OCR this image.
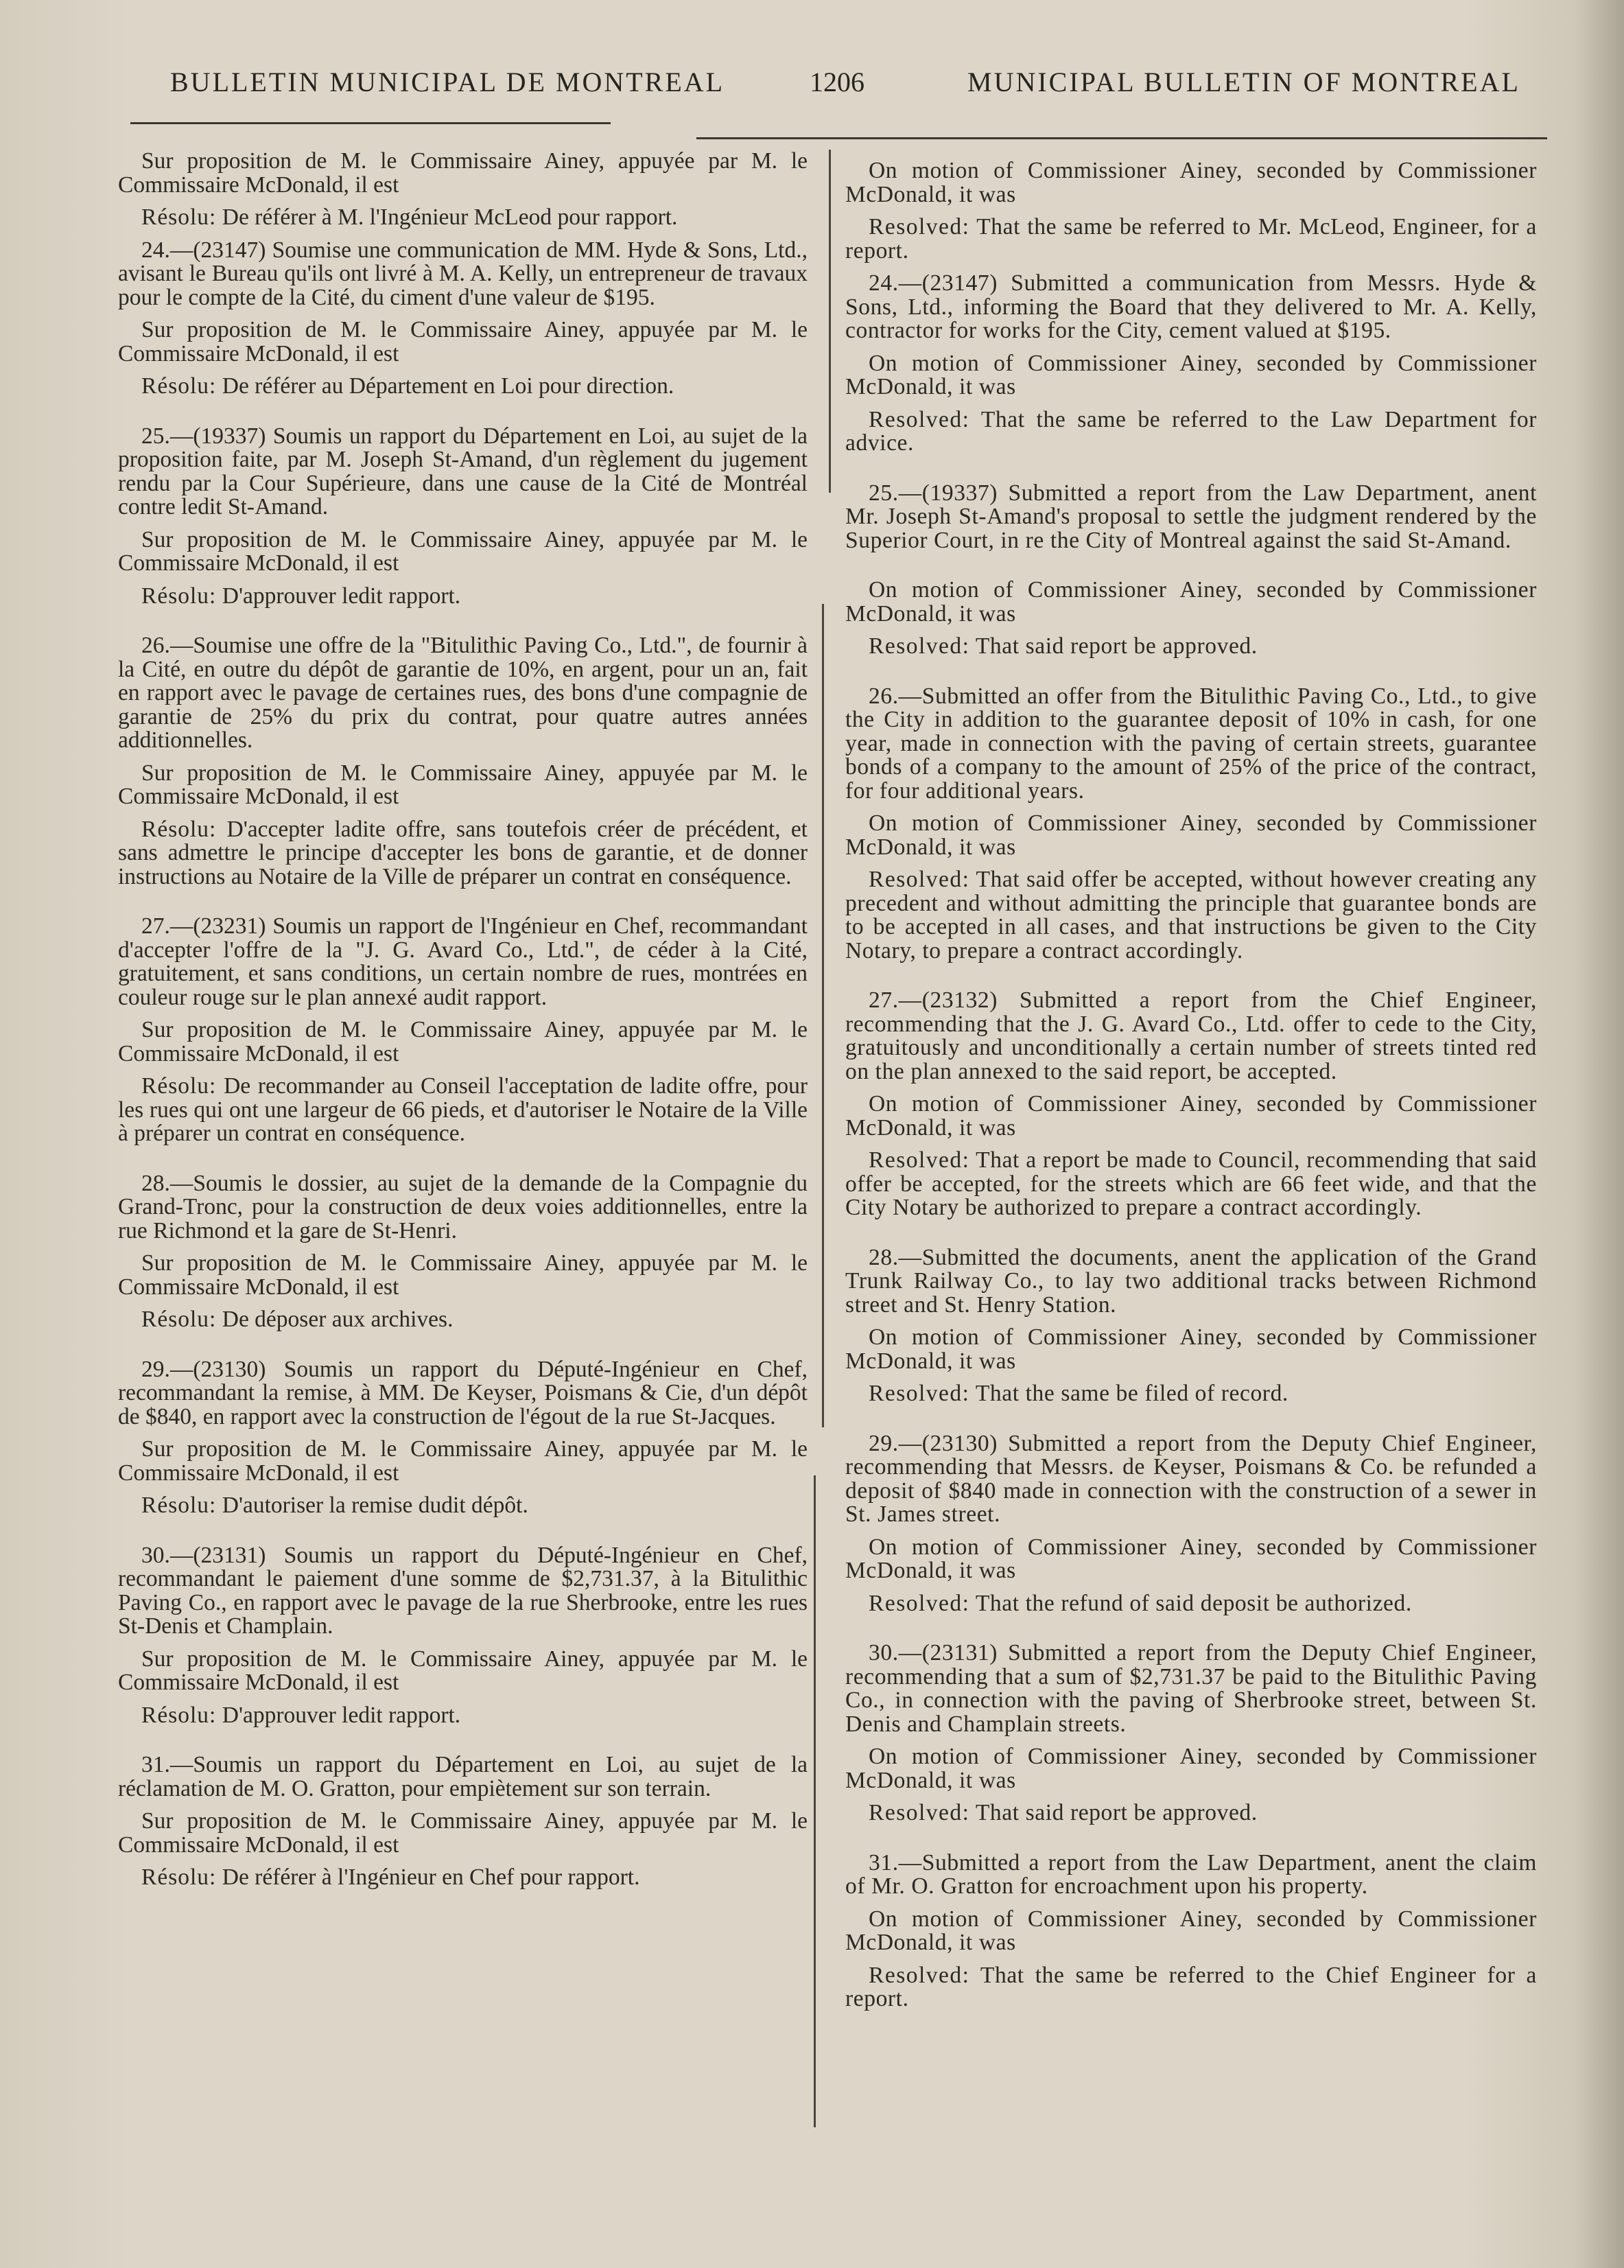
BULLETIN MUNICIPAL DE MONTREAL	1206	MUNICIPAL BULLETIN OF MONTREAL

Sur proposition de M. le Commissaire Ainey, appuyée par M. le Commissaire McDonald, il est

Résolu: De référer à M. l'Ingénieur McLeod pour rapport.

24.—(23147) Soumise une communication de MM. Hyde & Sons, Ltd., avisant le Bureau qu'ils ont livré à M. A. Kelly, un entrepreneur de travaux pour le compte de la Cité, du ciment d'une valeur de $195.

Sur proposition de M. le Commissaire Ainey, appuyée par M. le Commissaire McDonald, il est

Résolu: De référer au Département en Loi pour direction.

25.—(19337) Soumis un rapport du Département en Loi, au sujet de la proposition faite, par M. Joseph St-Amand, d'un règlement du jugement rendu par la Cour Supérieure, dans une cause de la Cité de Montréal contre ledit St-Amand.

Sur proposition de M. le Commissaire Ainey, appuyée par M. le Commissaire McDonald, il est

Résolu: D'approuver ledit rapport.

26.—Soumise une offre de la "Bitulithic Paving Co., Ltd.", de fournir à la Cité, en outre du dépôt de garantie de 10%, en argent, pour un an, fait en rapport avec le pavage de certaines rues, des bons d'une compagnie de garantie de 25% du prix du contrat, pour quatre autres années additionnelles.

Sur proposition de M. le Commissaire Ainey, appuyée par M. le Commissaire McDonald, il est

Résolu: D'accepter ladite offre, sans toutefois créer de précédent, et sans admettre le principe d'accepter les bons de garantie, et de donner instructions au Notaire de la Ville de préparer un contrat en conséquence.

27.—(23231) Soumis un rapport de l'Ingénieur en Chef, recommandant d'accepter l'offre de la "J. G. Avard Co., Ltd.", de céder à la Cité, gratuitement, et sans conditions, un certain nombre de rues, montrées en couleur rouge sur le plan annexé audit rapport.

Sur proposition de M. le Commissaire Ainey, appuyée par M. le Commissaire McDonald, il est

Résolu: De recommander au Conseil l'acceptation de ladite offre, pour les rues qui ont une largeur de 66 pieds, et d'autoriser le Notaire de la Ville à préparer un contrat en conséquence.

28.—Soumis le dossier, au sujet de la demande de la Compagnie du Grand-Tronc, pour la construction de deux voies additionnelles, entre la rue Richmond et la gare de St-Henri.

Sur proposition de M. le Commissaire Ainey, appuyée par M. le Commissaire McDonald, il est

Résolu: De déposer aux archives.

29.—(23130) Soumis un rapport du Député-Ingénieur en Chef, recommandant la remise, à MM. De Keyser, Poismans & Cie, d'un dépôt de $840, en rapport avec la construction de l'égout de la rue St-Jacques.

Sur proposition de M. le Commissaire Ainey, appuyée par M. le Commissaire McDonald, il est

Résolu: D'autoriser la remise dudit dépôt.

30.—(23131) Soumis un rapport du Député-Ingénieur en Chef, recommandant le paiement d'une somme de $2,731.37, à la Bitulithic Paving Co., en rapport avec le pavage de la rue Sherbrooke, entre les rues St-Denis et Champlain.

Sur proposition de M. le Commissaire Ainey, appuyée par M. le Commissaire McDonald, il est

Résolu: D'approuver ledit rapport.

31.—Soumis un rapport du Département en Loi, au sujet de la réclamation de M. O. Gratton, pour empiètement sur son terrain.

Sur proposition de M. le Commissaire Ainey, appuyée par M. le Commissaire McDonald, il est

Résolu: De référer à l'Ingénieur en Chef pour rapport.

On motion of Commissioner Ainey, seconded by Commissioner McDonald, it was

Resolved: That the same be referred to Mr. McLeod, Engineer, for a report.

24.—(23147) Submitted a communication from Messrs. Hyde & Sons, Ltd., informing the Board that they delivered to Mr. A. Kelly, contractor for works for the City, cement valued at $195.

On motion of Commissioner Ainey, seconded by Commissioner McDonald, it was

Resolved: That the same be referred to the Law Department for advice.

25.—(19337) Submitted a report from the Law Department, anent Mr. Joseph St-Amand's proposal to settle the judgment rendered by the Superior Court, in re the City of Montreal against the said St-Amand.

On motion of Commissioner Ainey, seconded by Commissioner McDonald, it was

Resolved: That said report be approved.

26.—Submitted an offer from the Bitulithic Paving Co., Ltd., to give the City in addition to the guarantee deposit of 10% in cash, for one year, made in connection with the paving of certain streets, guarantee bonds of a company to the amount of 25% of the price of the contract, for four additional years.

On motion of Commissioner Ainey, seconded by Commissioner McDonald, it was

Resolved: That said offer be accepted, without however creating any precedent and without admitting the principle that guarantee bonds are to be accepted in all cases, and that instructions be given to the City Notary, to prepare a contract accordingly.

27.—(23132) Submitted a report from the Chief Engineer, recommending that the J. G. Avard Co., Ltd. offer to cede to the City, gratuitously and unconditionally a certain number of streets tinted red on the plan annexed to the said report, be accepted.

On motion of Commissioner Ainey, seconded by Commissioner McDonald, it was

Resolved: That a report be made to Council, recommending that said offer be accepted, for the streets which are 66 feet wide, and that the City Notary be authorized to prepare a contract accordingly.

28.—Submitted the documents, anent the application of the Grand Trunk Railway Co., to lay two additional tracks between Richmond street and St. Henry Station.

On motion of Commissioner Ainey, seconded by Commissioner McDonald, it was

Resolved: That the same be filed of record.

29.—(23130) Submitted a report from the Deputy Chief Engineer, recommending that Messrs. de Keyser, Poismans & Co. be refunded a deposit of $840 made in connection with the construction of a sewer in St. James street.

On motion of Commissioner Ainey, seconded by Commissioner McDonald, it was

Resolved: That the refund of said deposit be authorized.

30.—(23131) Submitted a report from the Deputy Chief Engineer, recommending that a sum of $2,731.37 be paid to the Bitulithic Paving Co., in connection with the paving of Sherbrooke street, between St. Denis and Champlain streets.

On motion of Commissioner Ainey, seconded by Commissioner McDonald, it was

Resolved: That said report be approved.

31.—Submitted a report from the Law Department, anent the claim of Mr. O. Gratton for encroachment upon his property.

On motion of Commissioner Ainey, seconded by Commissioner McDonald, it was

Resolved: That the same be referred to the Chief Engineer for a report.
